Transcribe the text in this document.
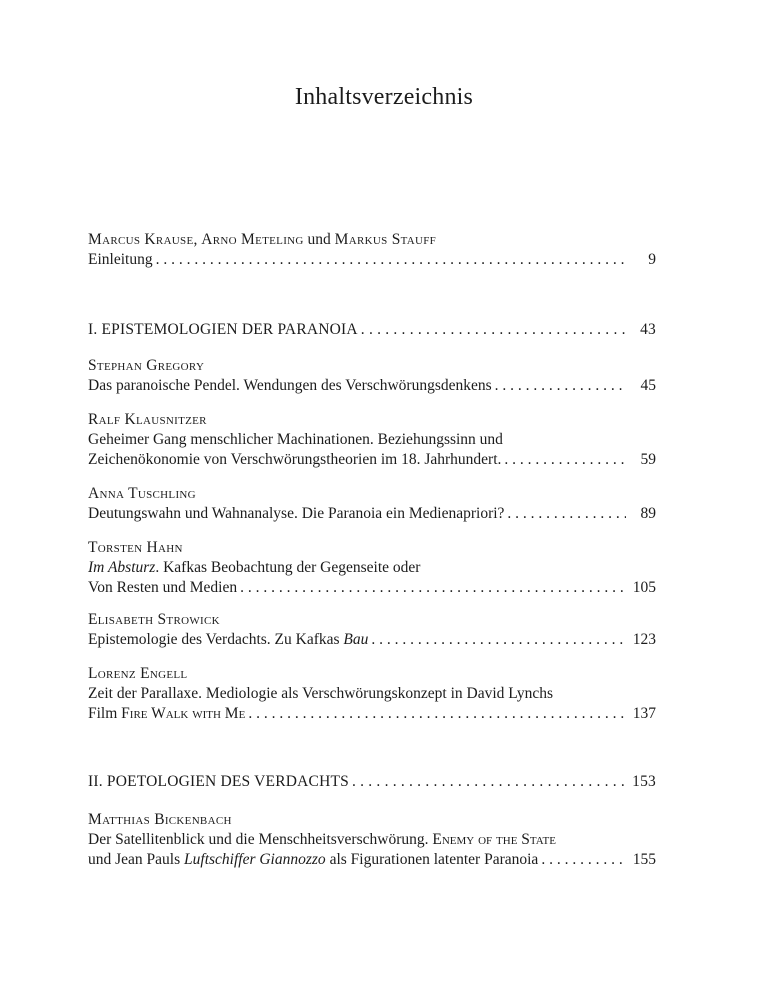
Inhaltsverzeichnis
Marcus Krause, Arno Meteling und Markus Stauff
Einleitung . . .	9
I. EPISTEMOLOGIEN DER PARANOIA . . .	43
Stephan Gregory
Das paranoische Pendel. Wendungen des Verschwörungsdenkens . . .	45
Ralf Klausnitzer
Geheimer Gang menschlicher Machinationen. Beziehungssinn und
Zeichenökonomie von Verschwörungstheorien im 18. Jahrhundert. . . .	59
Anna Tuschling
Deutungswahn und Wahnanalyse. Die Paranoia ein Medienapriori? . . .	89
Torsten Hahn
Im Absturz. Kafkas Beobachtung der Gegenseite oder
Von Resten und Medien . . .	105
Elisabeth Strowick
Epistemologie des Verdachts. Zu Kafkas Bau . . .	123
Lorenz Engell
Zeit der Parallaxe. Mediologie als Verschwörungskonzept in David Lynchs
Film Fire Walk with Me . . .	137
II. POETOLOGIEN DES VERDACHTS . . .	153
Matthias Bickenbach
Der Satellitenblick und die Menschheitsverschwörung. Enemy of the State
und Jean Pauls Luftschiffer Giannozzo als Figurationen latenter Paranoia . . .	155
